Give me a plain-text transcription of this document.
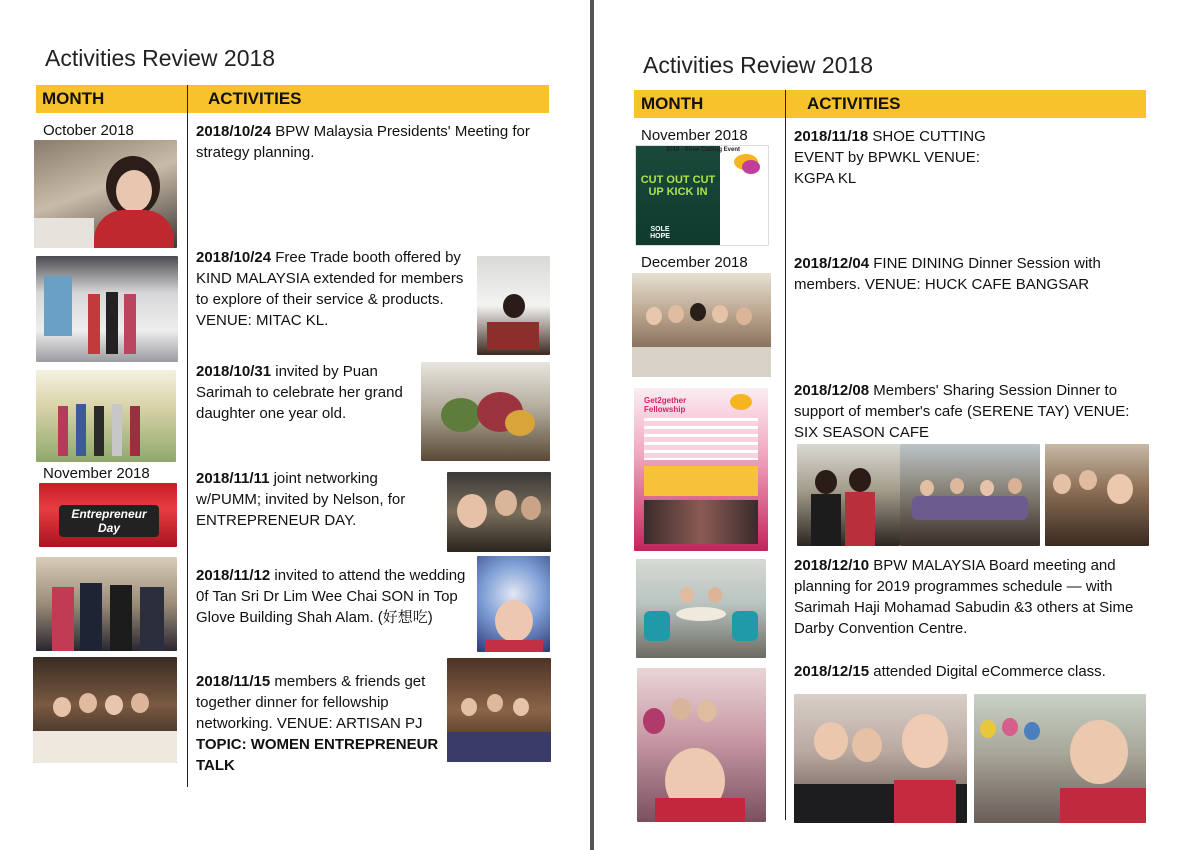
Activities Review 2018
MONTH	ACTIVITIES
October 2018
November 2018
2018/10/24 BPW Malaysia Presidents' Meeting for strategy planning.
2018/10/24 Free Trade booth offered by KIND MALAYSIA extended for members to explore of their service & products. VENUE: MITAC KL.
2018/10/31 invited by Puan Sarimah to celebrate her grand daughter one year old.
2018/11/11 joint networking w/PUMM; invited by Nelson, for ENTREPRENEUR DAY.
Entrepreneur Day
2018/11/12 invited to attend the wedding 0f Tan Sri Dr Lim Wee Chai SON in Top Glove Building Shah Alam. (好想吃)
2018/11/15 members & friends get together dinner for fellowship networking. VENUE: ARTISAN PJ
TOPIC: WOMEN ENTREPRENEUR TALK
Activities Review 2018
MONTH	ACTIVITIES
November 2018
December 2018
2018/11/18 SHOE CUTTING EVENT by BPWKL VENUE: KGPA KL
2018 - Shoe Cutting Event
CUT OUT CUT UP KICK IN
SOLE HOPE
2018/12/04 FINE DINING Dinner Session with members. VENUE: HUCK CAFE BANGSAR
2018/12/08 Members' Sharing Session Dinner to support of member's cafe (SERENE TAY) VENUE: SIX SEASON CAFE
Get2gether Fellowship
2018/12/10 BPW MALAYSIA Board meeting and planning for 2019 programmes schedule — with Sarimah Haji Mohamad Sabudin &3 others at Sime Darby Convention Centre.
2018/12/15 attended Digital eCommerce class.
